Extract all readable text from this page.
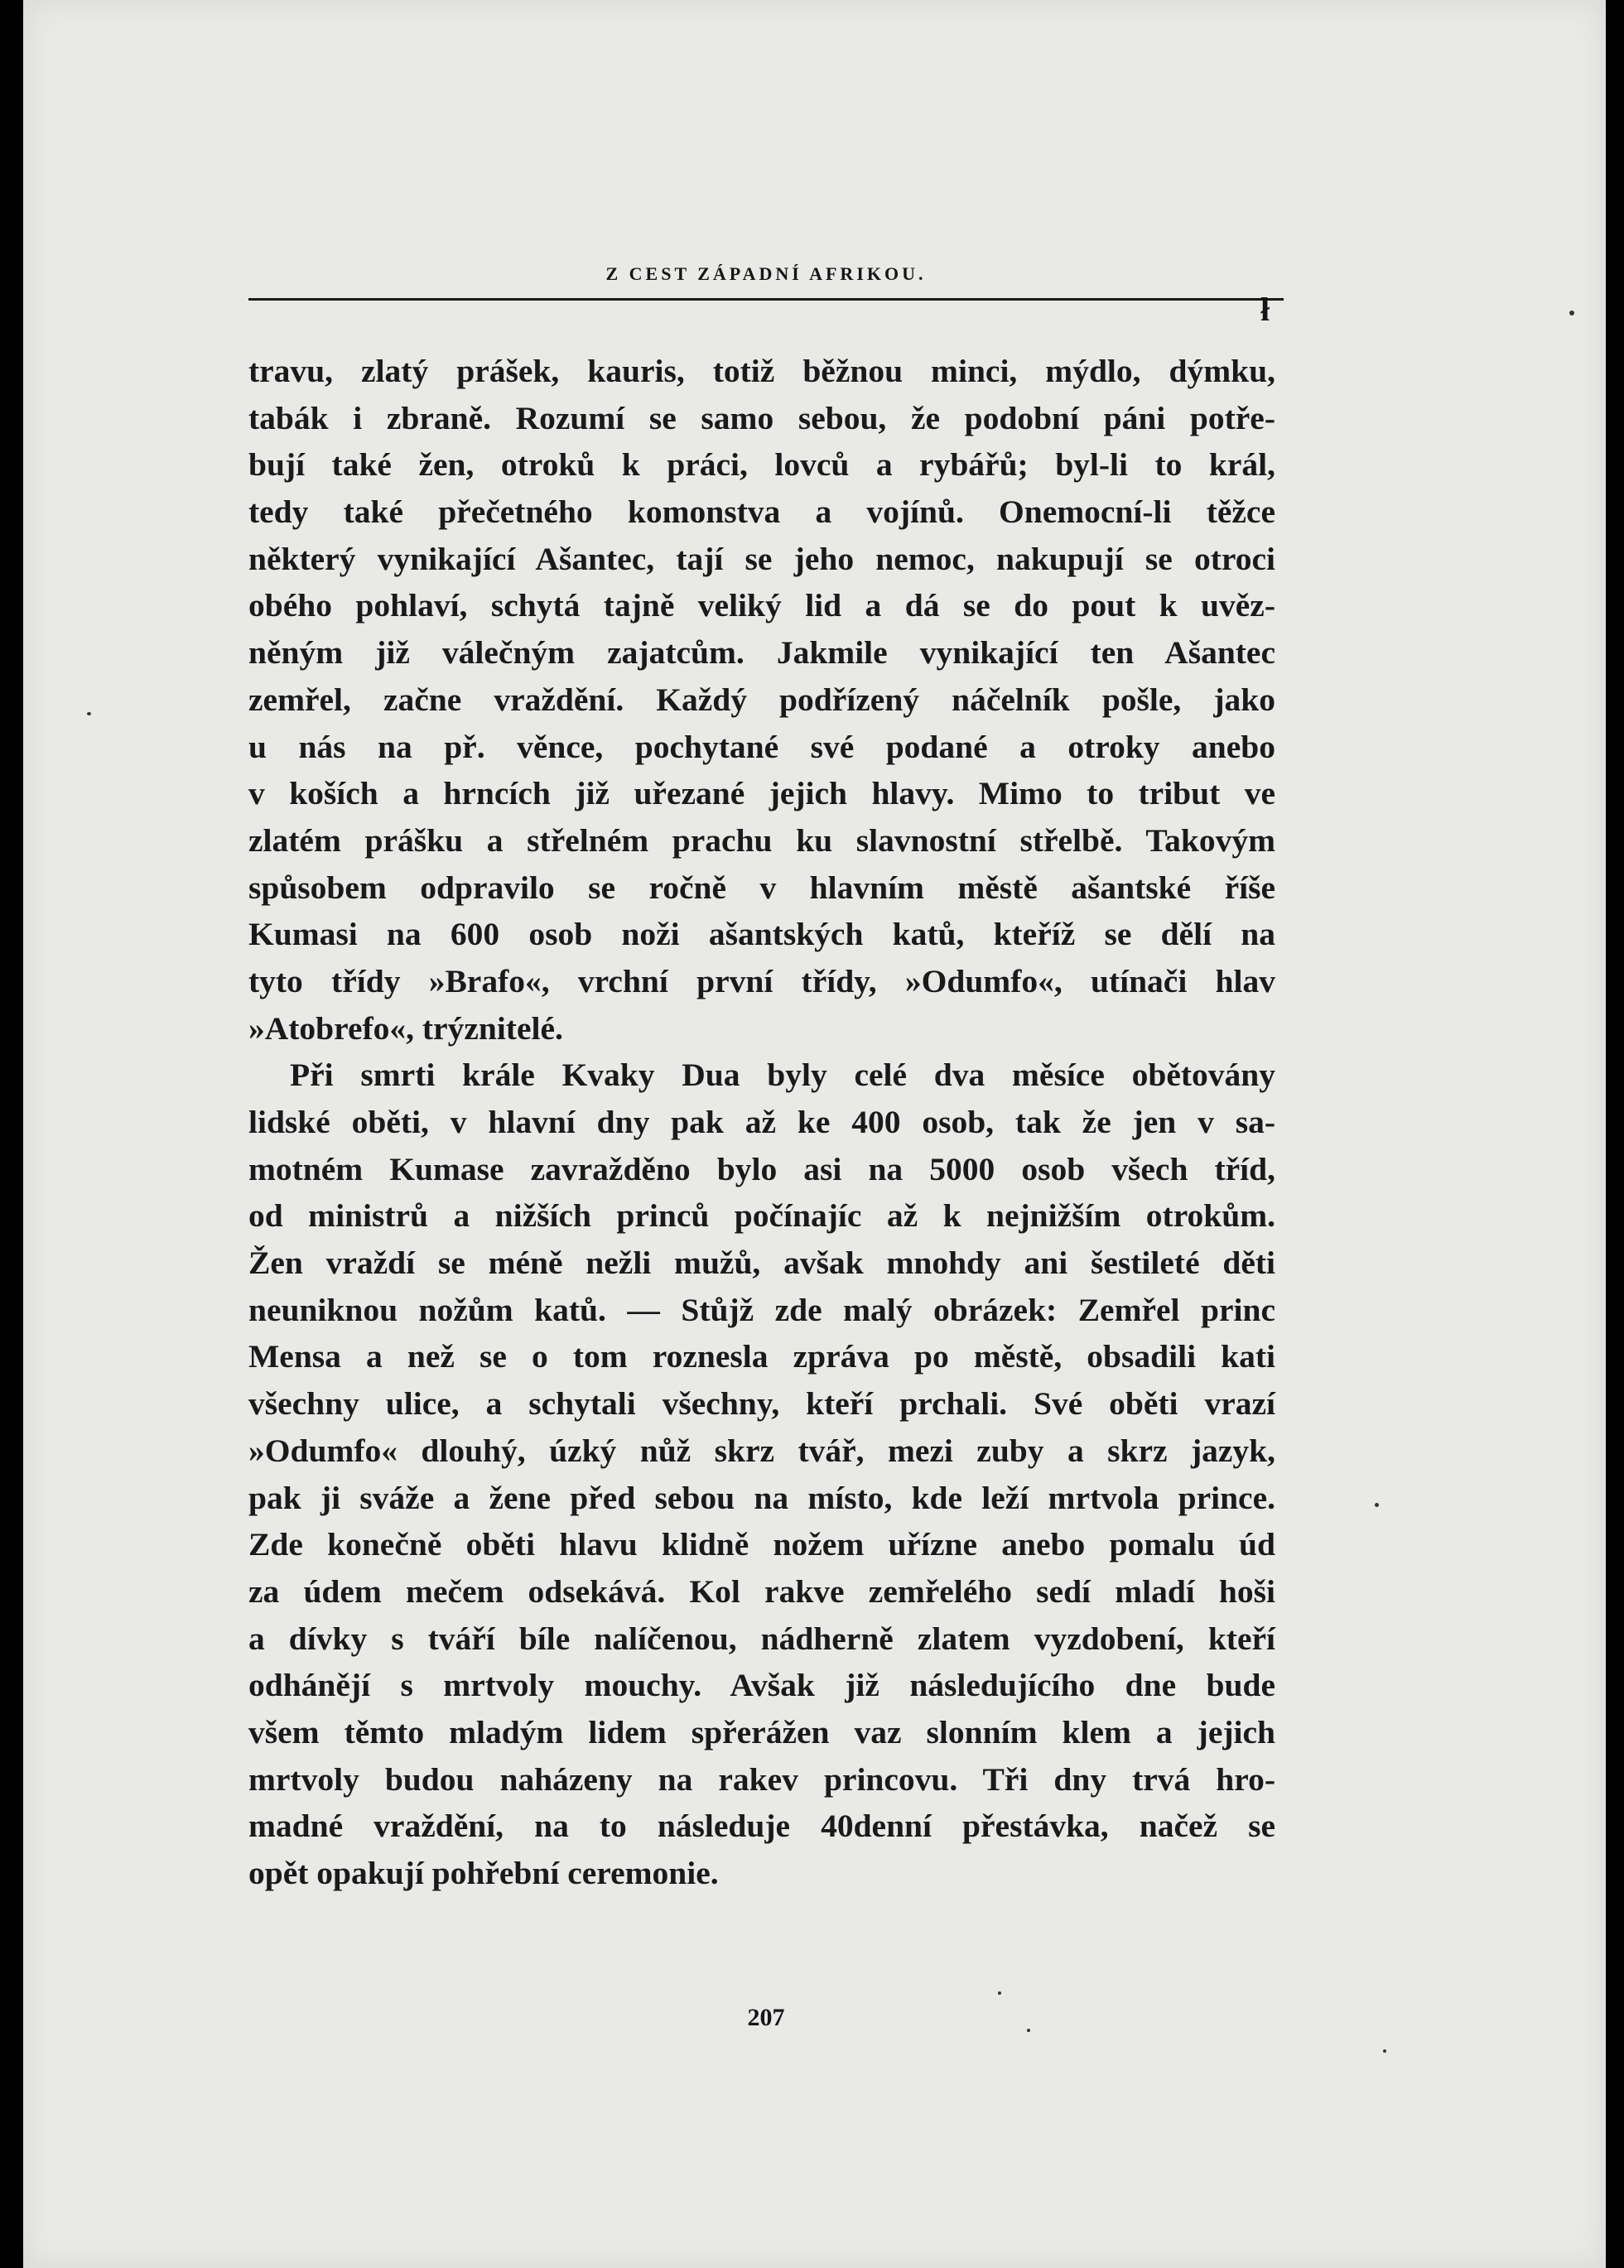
Z CEST ZÁPADNÍ AFRIKOU.
ł
travu, zlatý prášek, kauris, totiž běžnou minci, mýdlo, dýmku,
tabák i zbraně. Rozumí se samo sebou, že podobní páni potře-
bují také žen, otroků k práci, lovců a rybářů; byl-li to král,
tedy také přečetného komonstva a vojínů. Onemocní-li těžce
některý vynikající Ašantec, tají se jeho nemoc, nakupují se otroci
obého pohlaví, schytá tajně veliký lid a dá se do pout k uvěz-
něným již válečným zajatcům. Jakmile vynikající ten Ašantec
zemřel, začne vraždění. Každý podřízený náčelník pošle, jako
u nás na př. věnce, pochytané své podané a otroky anebo
v koších a hrncích již uřezané jejich hlavy. Mimo to tribut ve
zlatém prášku a střelném prachu ku slavnostní střelbě. Takovým
spůsobem odpravilo se ročně v hlavním městě ašantské říše
Kumasi na 600 osob noži ašantských katů, kteříž se dělí na
tyto třídy »Brafo«, vrchní první třídy, »Odumfo«, utínači hlav
»Atobrefo«, trýznitelé.
Při smrti krále Kvaky Dua byly celé dva měsíce obětovány
lidské oběti, v hlavní dny pak až ke 400 osob, tak že jen v sa-
motném Kumase zavražděno bylo asi na 5000 osob všech tříd,
od ministrů a nižších princů počínajíc až k nejnižším otrokům.
Žen vraždí se méně nežli mužů, avšak mnohdy ani šestileté děti
neuniknou nožům katů. — Stůjž zde malý obrázek: Zemřel princ
Mensa a než se o tom roznesla zpráva po městě, obsadili kati
všechny ulice, a schytali všechny, kteří prchali. Své oběti vrazí
»Odumfo« dlouhý, úzký nůž skrz tvář, mezi zuby a skrz jazyk,
pak ji sváže a žene před sebou na místo, kde leží mrtvola prince.
Zde konečně oběti hlavu klidně nožem uřízne anebo pomalu úd
za údem mečem odsekává. Kol rakve zemřelého sedí mladí hoši
a dívky s tváří bíle nalíčenou, nádherně zlatem vyzdobení, kteří
odhánějí s mrtvoly mouchy. Avšak již následujícího dne bude
všem těmto mladým lidem spřerážen vaz slonním klem a jejich
mrtvoly budou naházeny na rakev princovu. Tři dny trvá hro-
madné vraždění, na to následuje 40denní přestávka, načež se
opět opakují pohřební ceremonie.
207
